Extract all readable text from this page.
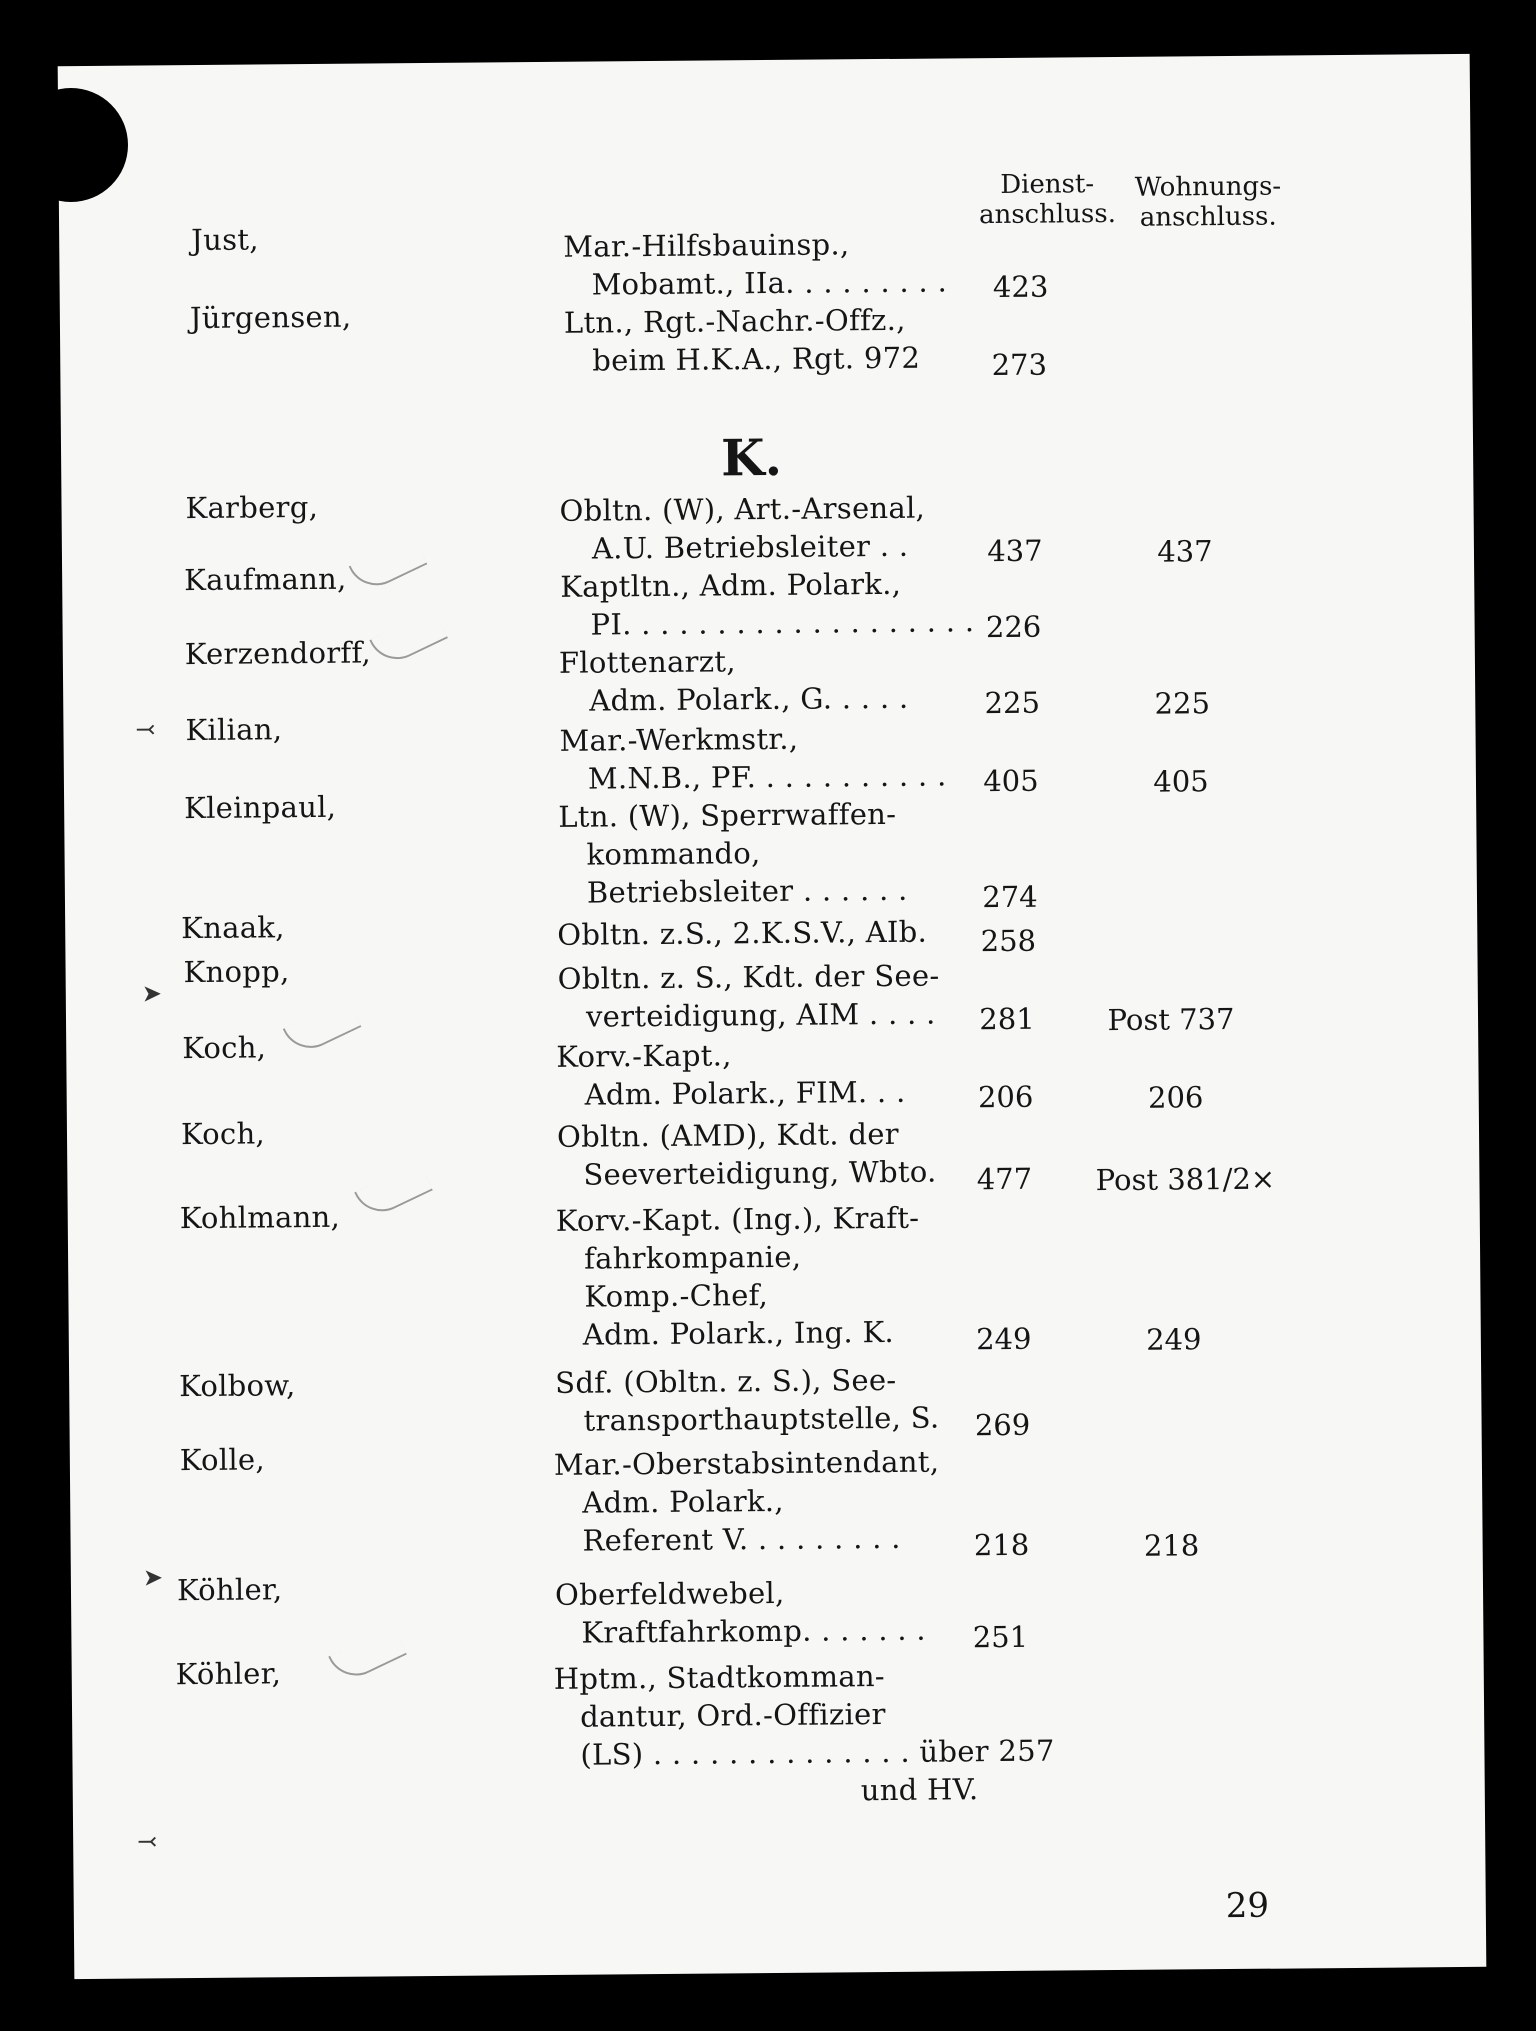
Dienst-
anschluss.
Wohnungs-
anschluss.
Just,	Mar.-Hilfsbauinsp.,
Mobamt., IIa. . . . . . . . .	423
Jürgensen,	Ltn., Rgt.-Nachr.-Offz.,
beim H.K.A., Rgt. 972	273
K.
Karberg,	Obltn. (W), Art.-Arsenal,
A.U. Betriebsleiter . .	437	437
Kaufmann,	Kaptltn., Adm. Polark.,
PI. . . . . . . . . . . . . . . . . . . 226
Kerzendorff,	Flottenarzt,
Adm. Polark., G. . . . .	225	225
⤙ Kilian,	Mar.-Werkmstr.,
M.N.B., PF. . . . . . . . . . .	405	405
Kleinpaul,	Ltn. (W), Sperrwaffen-
kommando,
Betriebsleiter . . . . . .	274
Knaak,	Obltn. z.S., 2.K.S.V., AIb.	258
Knopp,
➤	Obltn. z. S., Kdt. der See-
verteidigung, AIM . . . .	281	Post 737
Koch,	Korv.-Kapt.,
Adm. Polark., FIM. . .	206	206
Koch,	Obltn. (AMD), Kdt. der
Seeverteidigung, Wbto.	477	Post 381/2×
Kohlmann,	Korv.-Kapt. (Ing.), Kraft-
fahrkompanie,
Komp.-Chef,
Adm. Polark., Ing. K.	249	249
Kolbow,	Sdf. (Obltn. z. S.), See-
transporthauptstelle, S.	269
Kolle,	Mar.-Oberstabsintendant,
Adm. Polark.,
Referent V. . . . . . . . .	218	218
➤ Köhler,	Oberfeldwebel,
Kraftfahrkomp. . . . . . .	251
Köhler,	Hptm., Stadtkomman-
dantur, Ord.-Offizier
(LS) . . . . . . . . . . . . . . über 257
und HV.
⤙
29
